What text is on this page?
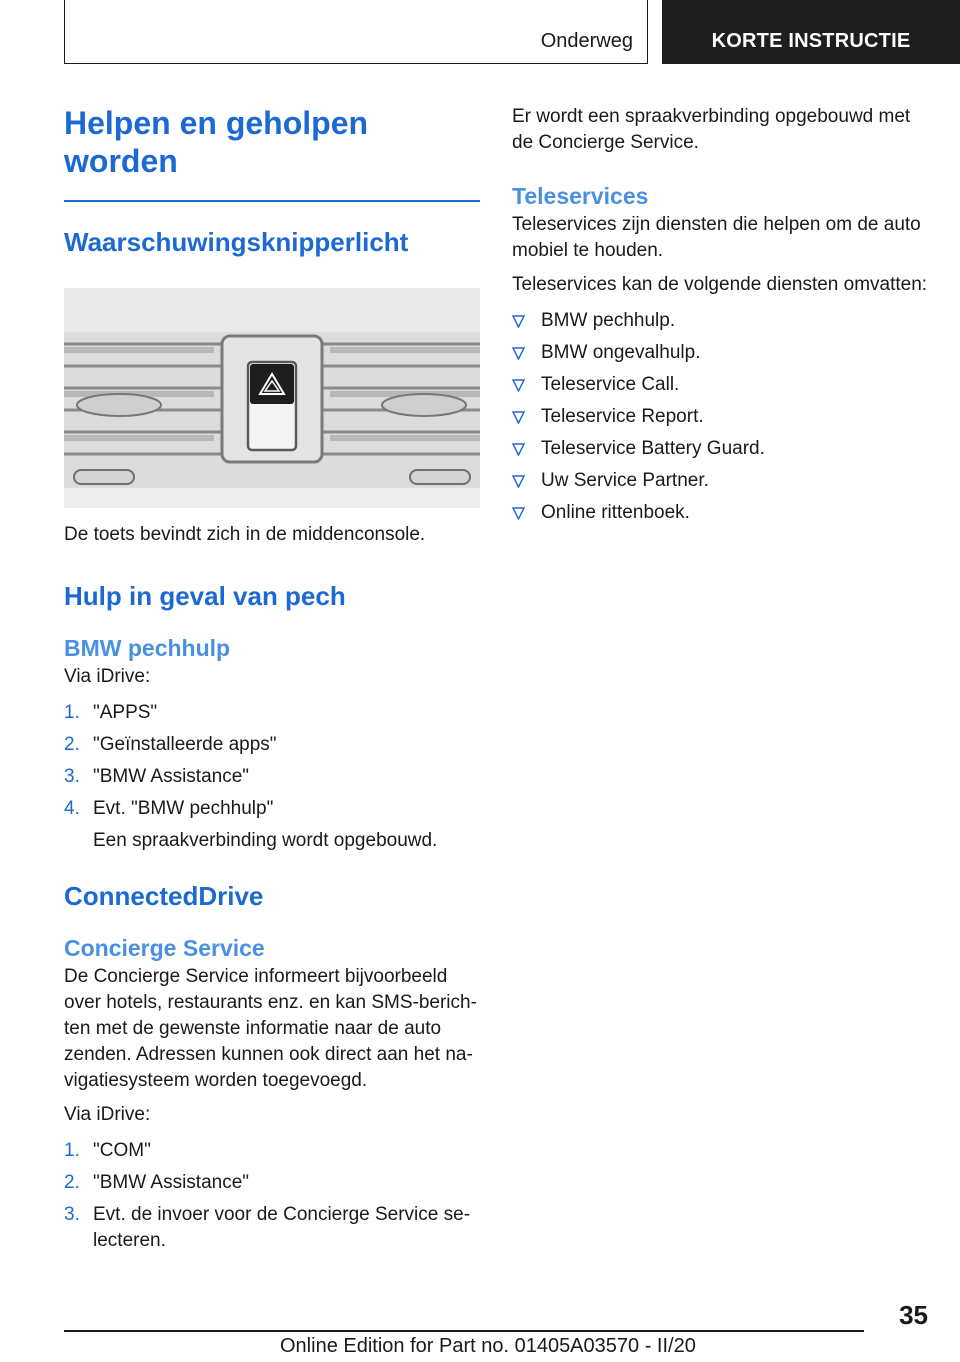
Onderweg	KORTE INSTRUCTIE
Helpen en geholpen worden
Waarschuwingsknipperlicht

De toets bevindt zich in de middenconsole.

Hulp in geval van pech
BMW pechhulp

Via iDrive:

1. "APPS"
2. "Geïnstalleerde apps"
3. "BMW Assistance"
4. Evt. "BMW pechhulp"
Een spraakverbinding wordt opgebouwd.
ConnectedDrive
Concierge Service

De Concierge Service informeert bijvoorbeeld over hotels, restaurants enz. en kan SMS-berichten met de gewenste informatie naar de auto zenden. Adressen kunnen ook direct aan het navigatiesysteem worden toegevoegd.

Via iDrive:

1. "COM"
2. "BMW Assistance"
3. Evt. de invoer voor de Concierge Service selecteren.

Er wordt een spraakverbinding opgebouwd met de Concierge Service.

Teleservices

Teleservices zijn diensten die helpen om de auto mobiel te houden.

Teleservices kan de volgende diensten omvatten:

BMW pechhulp.
BMW ongevalhulp.
Teleservice Call.
Teleservice Report.
Teleservice Battery Guard.
Uw Service Partner.
Online rittenboek.
35
Online Edition for Part no. 01405A03570 - II/20
